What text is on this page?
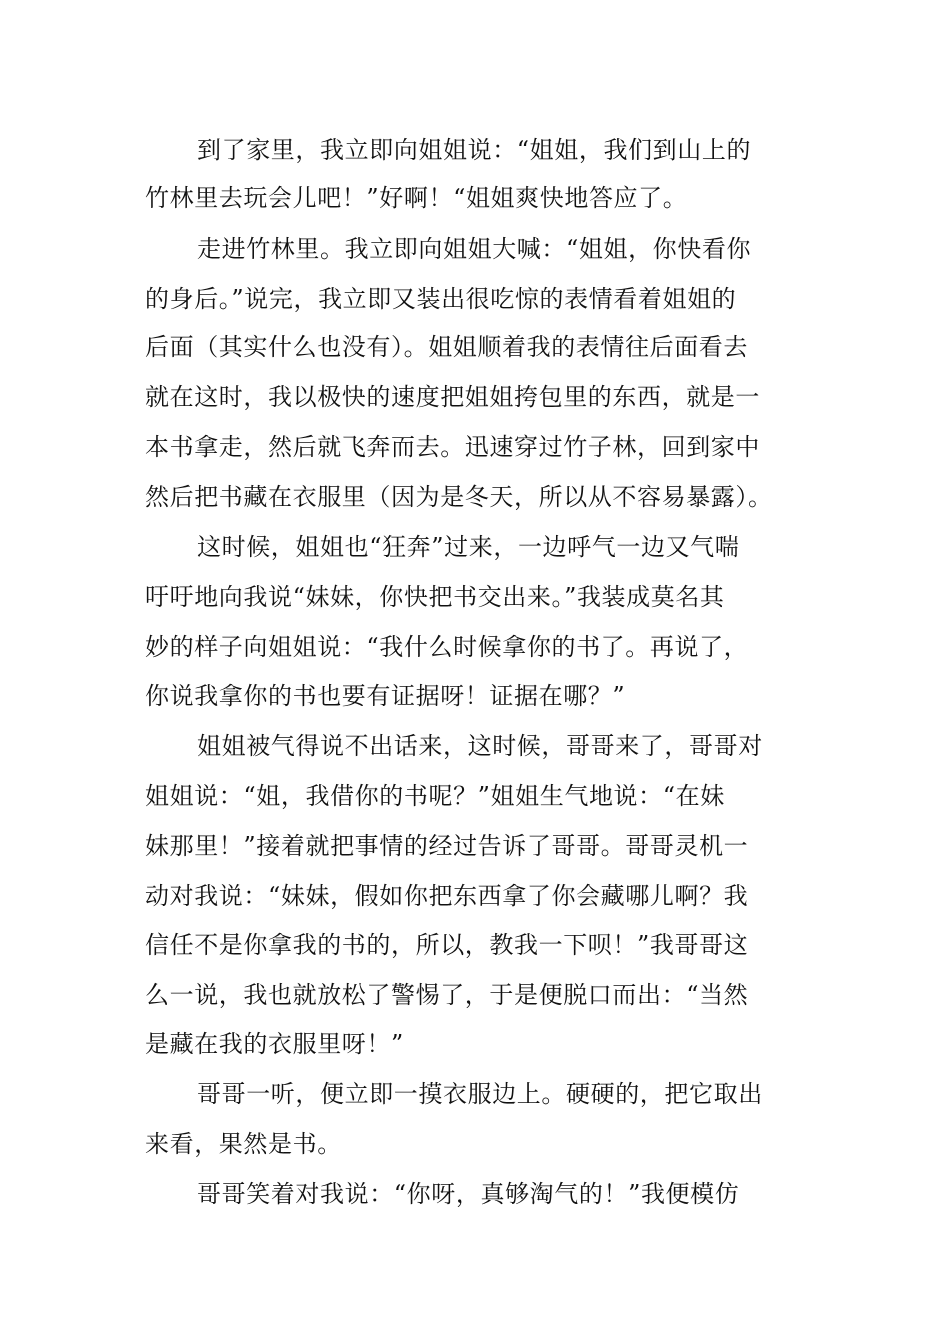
到了家里，我立即向姐姐说：“姐姐，我们到山上的
竹林里去玩会儿吧！”好啊！“姐姐爽快地答应了。
走进竹林里。我立即向姐姐大喊：“姐姐，你快看你
的身后。”说完，我立即又装出很吃惊的表情看着姐姐的
后面（其实什么也没有）。姐姐顺着我的表情往后面看去
就在这时，我以极快的速度把姐姐挎包里的东西，就是一
本书拿走，然后就飞奔而去。迅速穿过竹子林，回到家中
然后把书藏在衣服里（因为是冬天，所以从不容易暴露）。
这时候，姐姐也“狂奔”过来，一边呼气一边又气喘
吁吁地向我说“妹妹，你快把书交出来。”我装成莫名其
妙的样子向姐姐说：“我什么时候拿你的书了。再说了，
你说我拿你的书也要有证据呀！证据在哪？”
姐姐被气得说不出话来，这时候，哥哥来了，哥哥对
姐姐说：“姐，我借你的书呢？”姐姐生气地说：“在妹
妹那里！”接着就把事情的经过告诉了哥哥。哥哥灵机一
动对我说：“妹妹，假如你把东西拿了你会藏哪儿啊？我
信任不是你拿我的书的，所以，教我一下呗！”我哥哥这
么一说，我也就放松了警惕了，于是便脱口而出：“当然
是藏在我的衣服里呀！”
哥哥一听，便立即一摸衣服边上。硬硬的，把它取出
来看，果然是书。
哥哥笑着对我说：“你呀，真够淘气的！”我便模仿
